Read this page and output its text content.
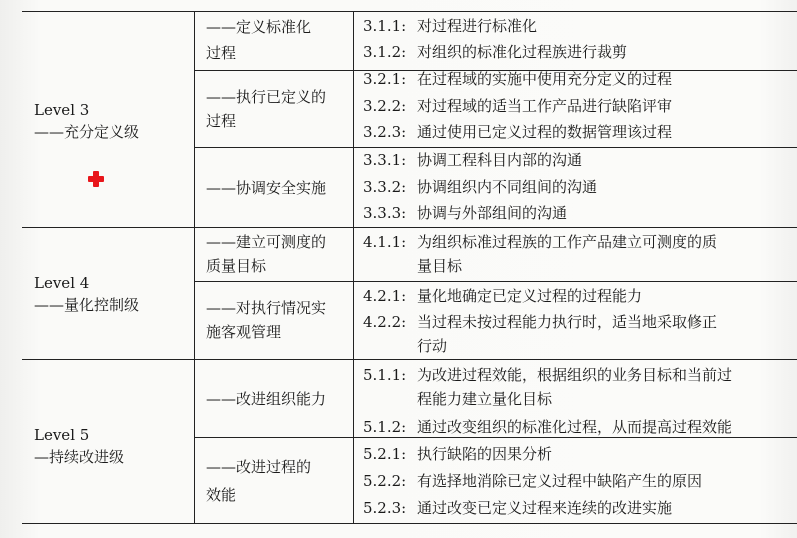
Level 3
——充分定义级
Level 4
——量化控制级
Level 5
—持续改进级
——定义标准化
过程
——执行已定义的
过程
——协调安全实施
——建立可测度的
质量目标
——对执行情况实
施客观管理
——改进组织能力
——改进过程的
效能
3.1.1: 对过程进行标准化
3.1.2: 对组织的标准化过程族进行裁剪
3.2.1: 在过程域的实施中使用充分定义的过程
3.2.2: 对过程域的适当工作产品进行缺陷评审
3.2.3: 通过使用已定义过程的数据管理该过程
3.3.1: 协调工程科目内部的沟通
3.3.2: 协调组织内不同组间的沟通
3.3.3: 协调与外部组间的沟通
4.1.1: 为组织标准过程族的工作产品建立可测度的质
量目标
4.2.1: 量化地确定已定义过程的过程能力
4.2.2: 当过程未按过程能力执行时，适当地采取修正
行动
5.1.1: 为改进过程效能，根据组织的业务目标和当前过
程能力建立量化目标
5.1.2: 通过改变组织的标准化过程，从而提高过程效能
5.2.1: 执行缺陷的因果分析
5.2.2: 有选择地消除已定义过程中缺陷产生的原因
5.2.3: 通过改变已定义过程来连续的改进实施
